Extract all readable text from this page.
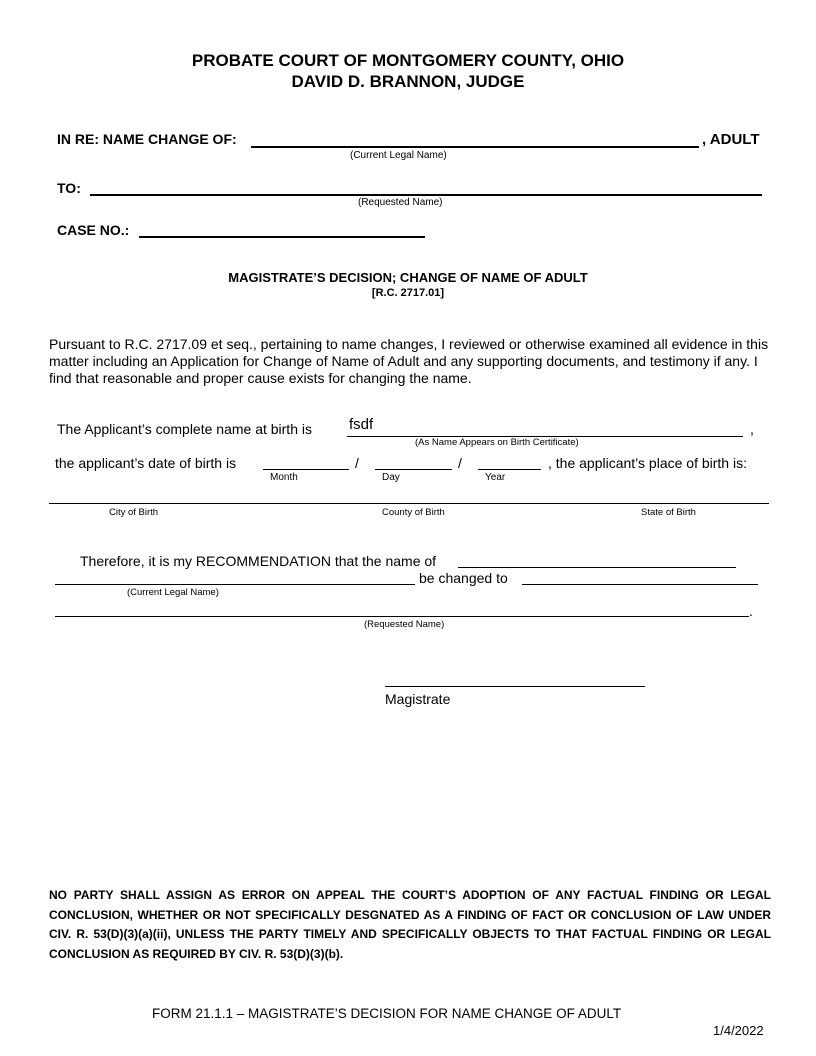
PROBATE COURT OF MONTGOMERY COUNTY, OHIO
DAVID D. BRANNON, JUDGE
IN RE: NAME CHANGE OF:	, ADULT
(Current Legal Name)
TO:
(Requested Name)
CASE NO.:
MAGISTRATE’S DECISION; CHANGE OF NAME OF ADULT
[R.C. 2717.01]
Pursuant to R.C. 2717.09 et seq., pertaining to name changes, I reviewed or otherwise examined all evidence in this matter including an Application for Change of Name of Adult and any supporting documents, and testimony if any. I find that reasonable and proper cause exists for changing the name.
The Applicant’s complete name at birth is
fsdf	,
(As Name Appears on Birth Certificate)
the applicant’s date of birth is	/	/	, the applicant’s place of birth is:
Month	Day	Year
City of Birth	County of Birth	State of Birth
Therefore, it is my RECOMMENDATION that the name of
be changed to
(Current Legal Name)
.
(Requested Name)
Magistrate
NO PARTY SHALL ASSIGN AS ERROR ON APPEAL THE COURT’S ADOPTION OF ANY FACTUAL FINDING OR LEGAL CONCLUSION, WHETHER OR NOT SPECIFICALLY DESGNATED AS A FINDING OF FACT OR CONCLUSION OF LAW UNDER CIV. R. 53(D)(3)(a)(ii), UNLESS THE PARTY TIMELY AND SPECIFICALLY OBJECTS TO THAT FACTUAL FINDING OR LEGAL CONCLUSION AS REQUIRED BY CIV. R. 53(D)(3)(b).
FORM 21.1.1 – MAGISTRATE’S DECISION FOR NAME CHANGE OF ADULT
1/4/2022
